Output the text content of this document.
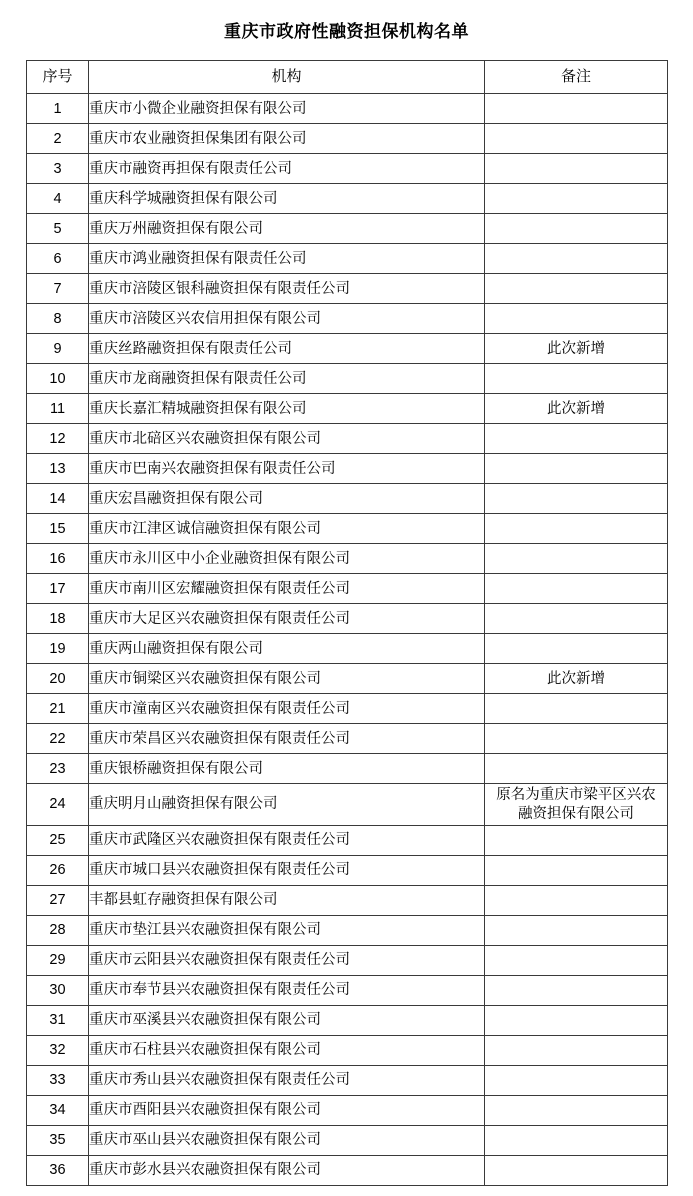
重庆市政府性融资担保机构名单
序号	机构	备注
1	重庆市小微企业融资担保有限公司	
2	重庆市农业融资担保集团有限公司	
3	重庆市融资再担保有限责任公司	
4	重庆科学城融资担保有限公司	
5	重庆万州融资担保有限公司	
6	重庆市鸿业融资担保有限责任公司	
7	重庆市涪陵区银科融资担保有限责任公司	
8	重庆市涪陵区兴农信用担保有限公司	
9	重庆丝路融资担保有限责任公司	此次新增
10	重庆市龙商融资担保有限责任公司	
11	重庆长嘉汇精城融资担保有限公司	此次新增
12	重庆市北碚区兴农融资担保有限公司	
13	重庆市巴南兴农融资担保有限责任公司	
14	重庆宏昌融资担保有限公司	
15	重庆市江津区诚信融资担保有限公司	
16	重庆市永川区中小企业融资担保有限公司	
17	重庆市南川区宏耀融资担保有限责任公司	
18	重庆市大足区兴农融资担保有限责任公司	
19	重庆两山融资担保有限公司	
20	重庆市铜梁区兴农融资担保有限公司	此次新增
21	重庆市潼南区兴农融资担保有限责任公司	
22	重庆市荣昌区兴农融资担保有限责任公司	
23	重庆银桥融资担保有限公司	
24	重庆明月山融资担保有限公司	原名为重庆市梁平区兴农融资担保有限公司
25	重庆市武隆区兴农融资担保有限责任公司	
26	重庆市城口县兴农融资担保有限责任公司	
27	丰都县虹存融资担保有限公司	
28	重庆市垫江县兴农融资担保有限公司	
29	重庆市云阳县兴农融资担保有限责任公司	
30	重庆市奉节县兴农融资担保有限责任公司	
31	重庆市巫溪县兴农融资担保有限公司	
32	重庆市石柱县兴农融资担保有限公司	
33	重庆市秀山县兴农融资担保有限责任公司	
34	重庆市酉阳县兴农融资担保有限公司	
35	重庆市巫山县兴农融资担保有限公司	
36	重庆市彭水县兴农融资担保有限公司	
